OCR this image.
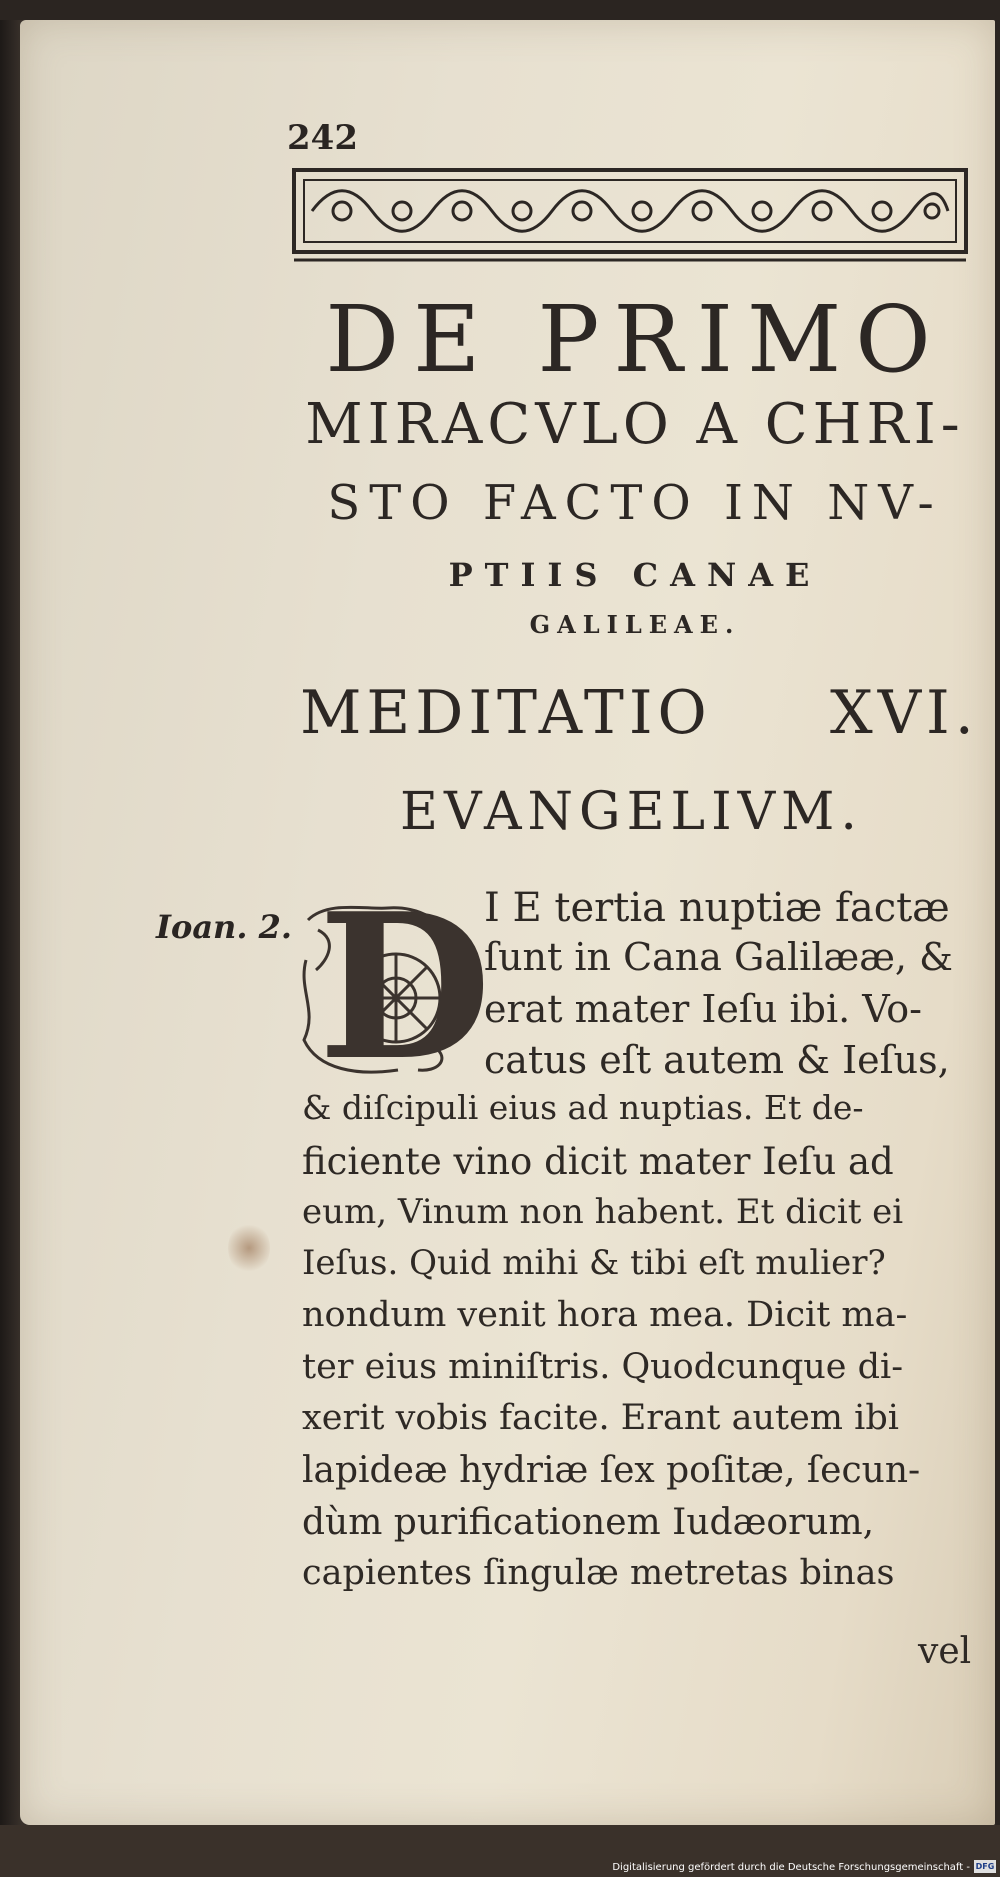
242
DE PRIMO
MIRACVLO A CHRI-
STO FACTO IN NV-
PTIIS CANAE
GALILEAE.
MEDITATIO XVI.
EVANGELIVM.
Ioan. 2. D
I E tertia nuptiæ factæ
ſunt in Cana Galilææ, &
erat mater Ieſu ibi. Vo-
catus eſt autem & Ieſus,
& diſcipuli eius ad nuptias. Et de-
ficiente vino dicit mater Ieſu ad
eum, Vinum non habent. Et dicit ei
Ieſus. Quid mihi & tibi eſt mulier?
nondum venit hora mea. Dicit ma-
ter eius miniſtris. Quodcunque di-
xerit vobis facite. Erant autem ibi
lapideæ hydriæ ſex poſitæ, ſecun-
dùm purificationem Iudæorum,
capientes ſingulæ metretas binas
vel
Digitalisierung gefördert durch die Deutsche Forschungsgemeinschaft - DFG
